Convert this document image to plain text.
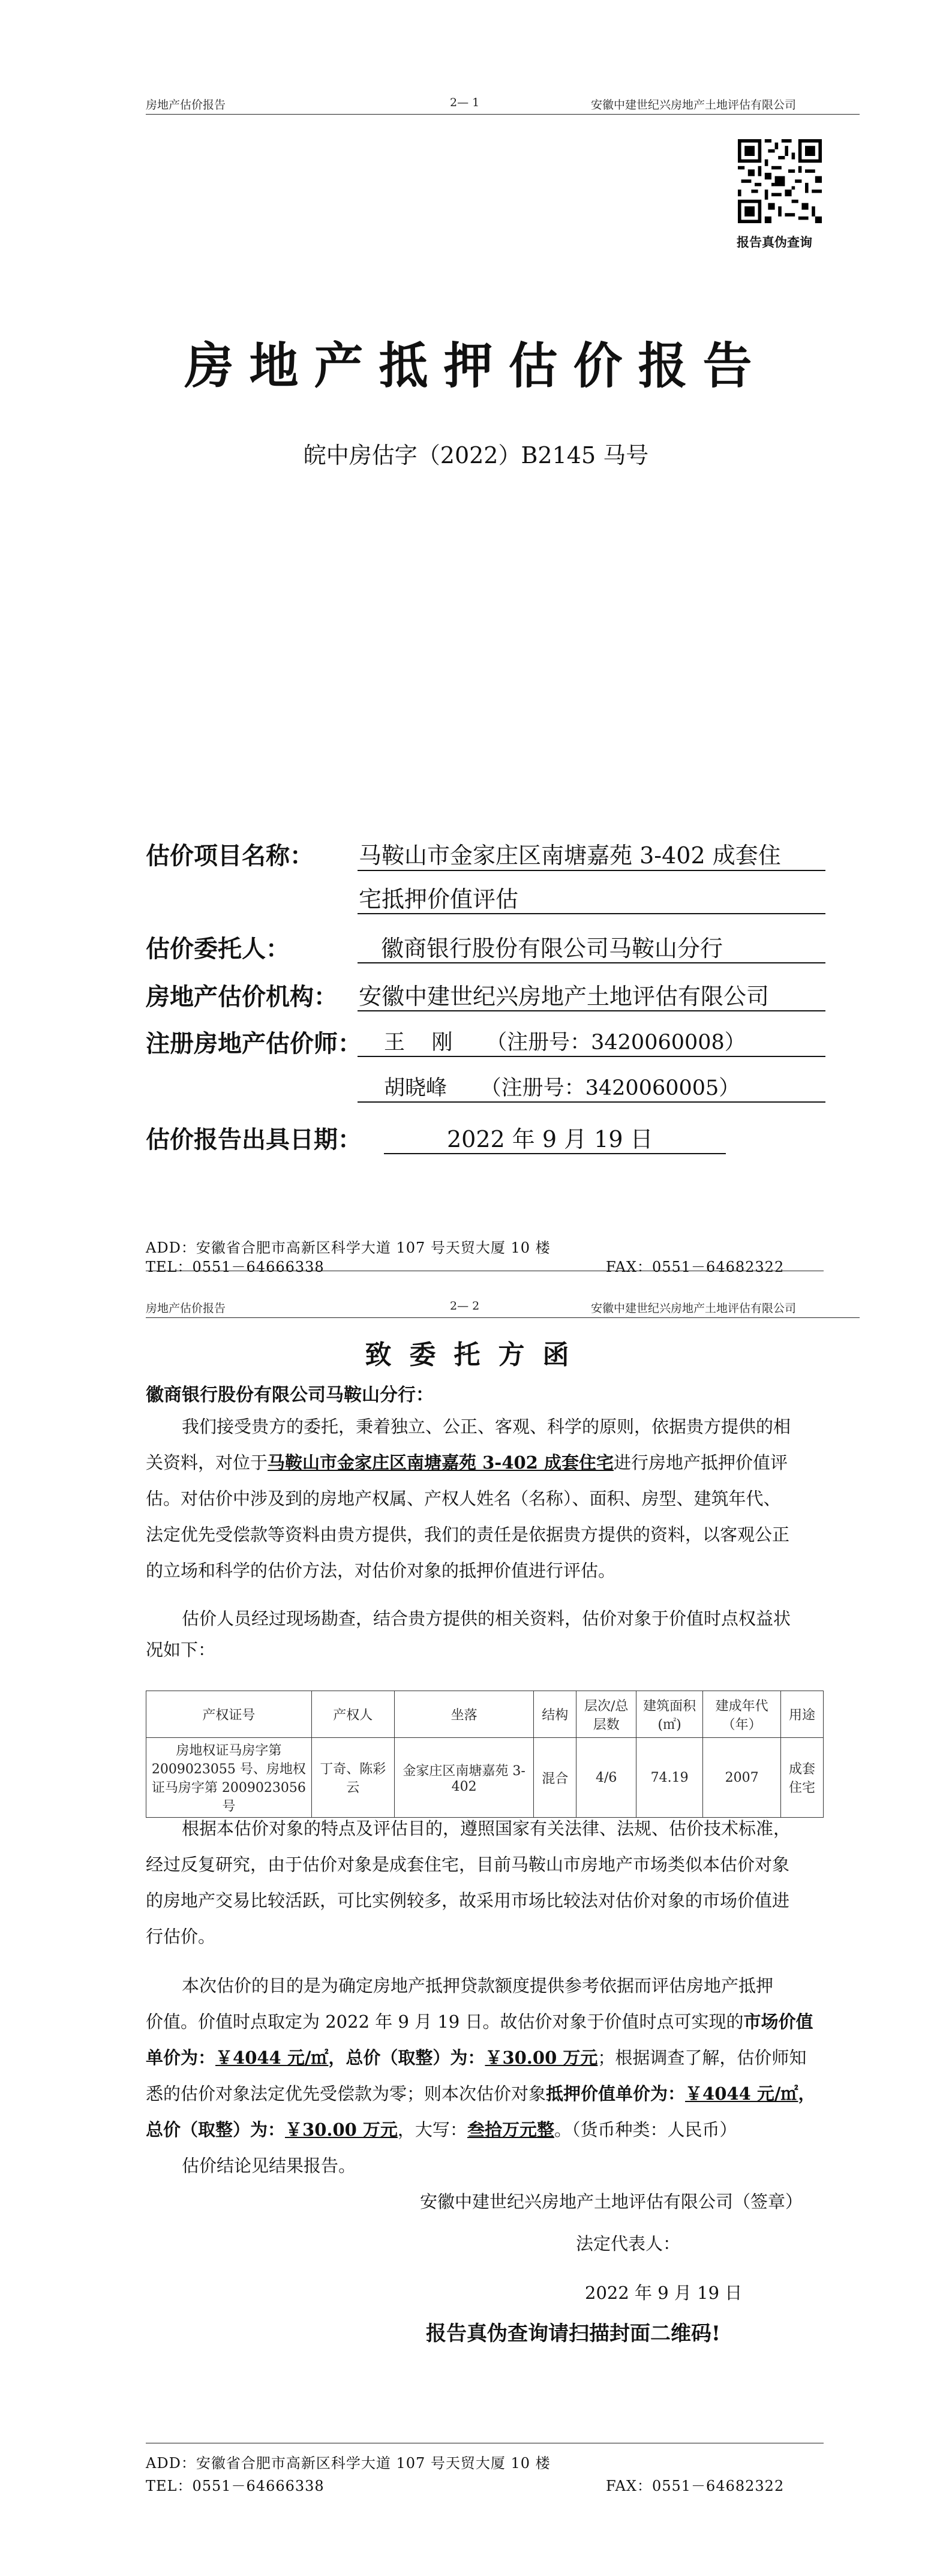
房地产估价报告	2— 1	安徽中建世纪兴房地产土地评估有限公司
报告真伪查询
房地产抵押估价报告
皖中房估字（2022）B2145 马号
估价项目名称： 马鞍山市金家庄区南塘嘉苑 3-402 成套住
宅抵押价值评估
估价委托人：	徽商银行股份有限公司马鞍山分行
房地产估价机构： 安徽中建世纪兴房地产土地评估有限公司
注册房地产估价师： 王    刚     （注册号：3420060008）
胡晓峰     （注册号：3420060005）
估价报告出具日期：	2022 年 9 月 19 日
ADD：安徽省合肥市高新区科学大道 107 号天贸大厦 10 楼
TEL：0551－64666338	FAX：0551－64682322
房地产估价报告	2— 2	安徽中建世纪兴房地产土地评估有限公司
致委托方函
徽商银行股份有限公司马鞍山分行：
我们接受贵方的委托，秉着独立、公正、客观、科学的原则，依据贵方提供的相
关资料，对位于马鞍山市金家庄区南塘嘉苑 3-402 成套住宅进行房地产抵押价值评
估。对估价中涉及到的房地产权属、产权人姓名（名称）、面积、房型、建筑年代、
法定优先受偿款等资料由贵方提供，我们的责任是依据贵方提供的资料，以客观公正
的立场和科学的估价方法，对估价对象的抵押价值进行评估。
估价人员经过现场勘查，结合贵方提供的相关资料，估价对象于价值时点权益状
况如下：
产权证号	产权人	坐落	结构	层次/总层数	建筑面积(㎡)	建成年代（年）	用途
房地权证马房字第 2009023055 号、房地权证马房字第 2009023056 号	丁奇、陈彩云	金家庄区南塘嘉苑 3-402	混合	4/6	74.19	2007	成套住宅
根据本估价对象的特点及评估目的，遵照国家有关法律、法规、估价技术标准，
经过反复研究，由于估价对象是成套住宅，目前马鞍山市房地产市场类似本估价对象
的房地产交易比较活跃，可比实例较多，故采用市场比较法对估价对象的市场价值进
行估价。
本次估价的目的是为确定房地产抵押贷款额度提供参考依据而评估房地产抵押
价值。价值时点取定为 2022 年 9 月 19 日。故估价对象于价值时点可实现的市场价值
单价为：￥4044 元/㎡，总价（取整）为：￥30.00 万元；根据调查了解，估价师知
悉的估价对象法定优先受偿款为零；则本次估价对象抵押价值单价为：￥4044 元/㎡，
总价（取整）为：￥30.00 万元，大写：叁拾万元整。（货币种类：人民币）
估价结论见结果报告。
安徽中建世纪兴房地产土地评估有限公司（签章）
法定代表人：
2022 年 9 月 19 日
报告真伪查询请扫描封面二维码!
ADD：安徽省合肥市高新区科学大道 107 号天贸大厦 10 楼
TEL：0551－64666338	FAX：0551－64682322
